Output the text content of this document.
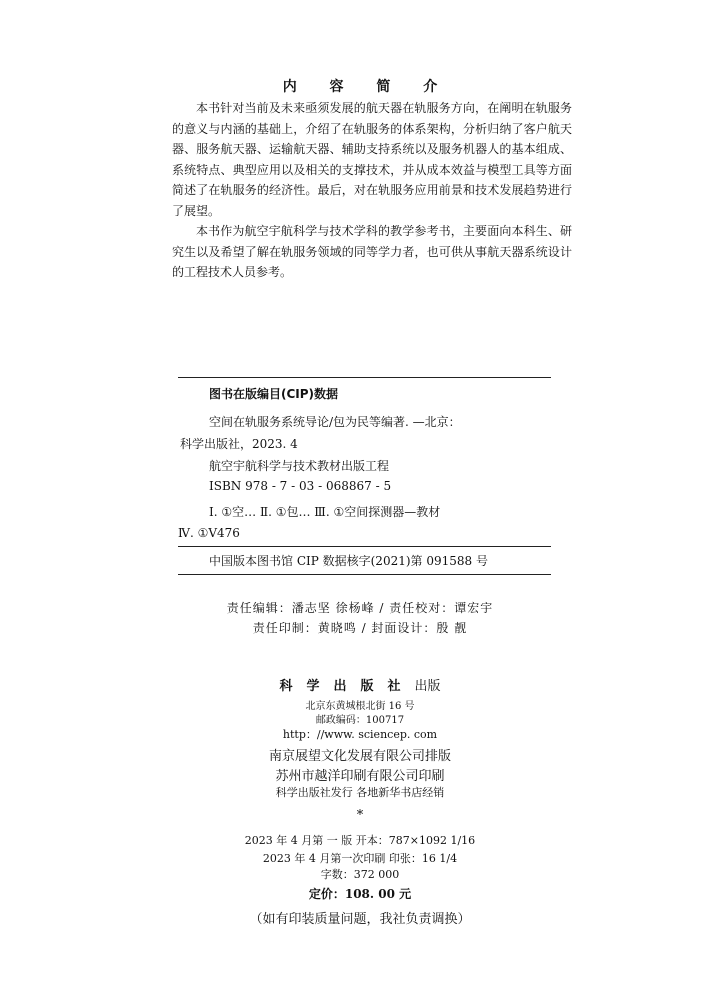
内 容 简 介
本书针对当前及未来亟须发展的航天器在轨服务方向，在阐明在轨服务的意义与内涵的基础上，介绍了在轨服务的体系架构，分析归纳了客户航天器、服务航天器、运输航天器、辅助支持系统以及服务机器人的基本组成、系统特点、典型应用以及相关的支撑技术，并从成本效益与模型工具等方面简述了在轨服务的经济性。最后，对在轨服务应用前景和技术发展趋势进行了展望。
本书作为航空宇航科学与技术学科的教学参考书，主要面向本科生、研究生以及希望了解在轨服务领域的同等学力者，也可供从事航天器系统设计的工程技术人员参考。
图书在版编目(CIP)数据
空间在轨服务系统导论/包为民等编著. —北京：
科学出版社，2023. 4
航空宇航科学与技术教材出版工程
ISBN 978 - 7 - 03 - 068867 - 5
Ⅰ. ①空… Ⅱ. ①包… Ⅲ. ①空间探测器—教材
Ⅳ. ①V476
中国版本图书馆 CIP 数据核字(2021)第 091588 号
责任编辑：潘志坚 徐杨峰 / 责任校对：谭宏宇
责任印制：黄晓鸣 / 封面设计：殷 靓
科学出版社出版
北京东黄城根北街 16 号
邮政编码：100717
http：//www. sciencep. com
南京展望文化发展有限公司排版
苏州市越洋印刷有限公司印刷
科学出版社发行 各地新华书店经销
*
2023 年 4 月第 一 版 开本：787×1092 1/16
2023 年 4 月第一次印刷 印张：16 1/4
字数：372 000
定价：108. 00 元
（如有印装质量问题，我社负责调换）
